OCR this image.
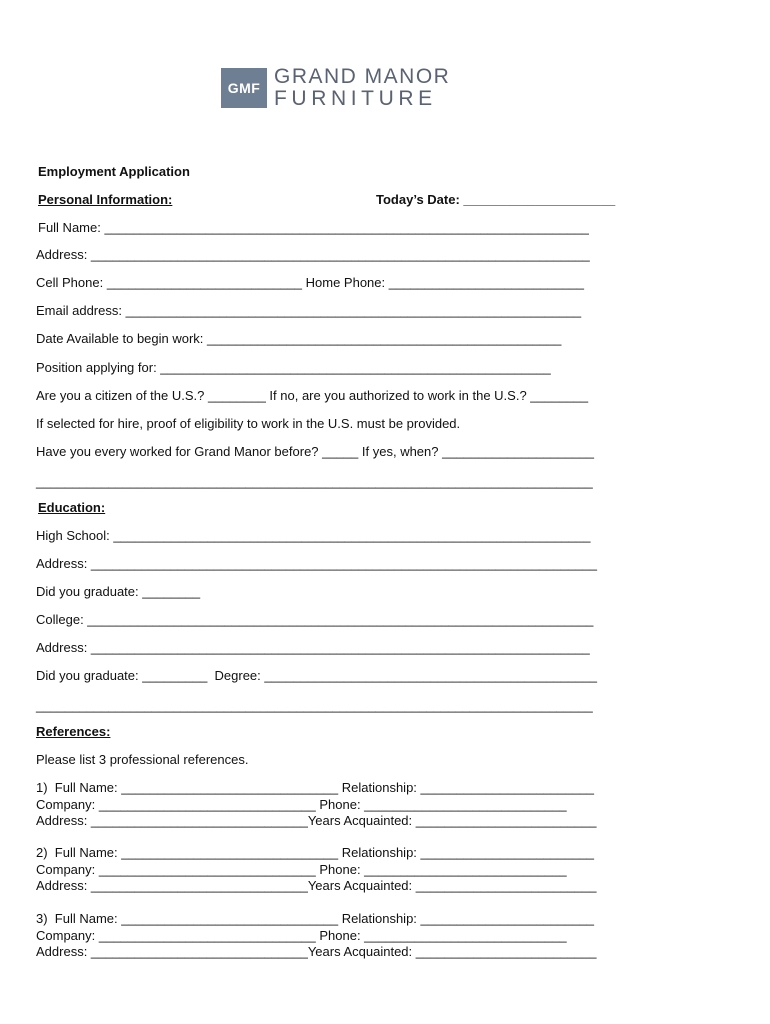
GMF GRAND MANOR
FURNITURE
Employment Application
Personal Information:	Today’s Date: _____________________
Full Name: ___________________________________________________________________
Address: _____________________________________________________________________
Cell Phone: ___________________________ Home Phone: ___________________________
Email address: _______________________________________________________________
Date Available to begin work: _________________________________________________
Position applying for: ______________________________________________________
Are you a citizen of the U.S.? ________ If no, are you authorized to work in the U.S.? ________
If selected for hire, proof of eligibility to work in the U.S. must be provided.
Have you every worked for Grand Manor before? _____ If yes, when? _____________________
_____________________________________________________________________________
Education:
High School: __________________________________________________________________
Address: ______________________________________________________________________
Did you graduate: ________
College: ______________________________________________________________________
Address: _____________________________________________________________________
Did you graduate: _________  Degree: ______________________________________________
_____________________________________________________________________________
References:
Please list 3 professional references.
1)  Full Name: ______________________________ Relationship: ________________________
Company: ______________________________ Phone: ____________________________
Address: ______________________________Years Acquainted: _________________________
2)  Full Name: ______________________________ Relationship: ________________________
Company: ______________________________ Phone: ____________________________
Address: ______________________________Years Acquainted: _________________________
3)  Full Name: ______________________________ Relationship: ________________________
Company: ______________________________ Phone: ____________________________
Address: ______________________________Years Acquainted: _________________________
